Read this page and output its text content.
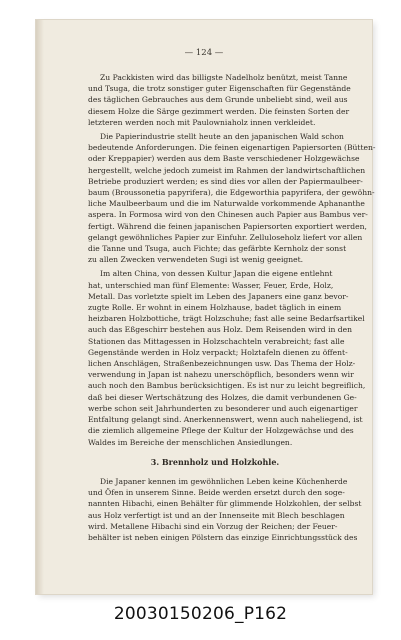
— 124 —
Zu Packkisten wird das billigste Nadelholz benützt, meist Tanne
und Tsuga, die trotz sonstiger guter Eigenschaften für Gegenstände
des täglichen Gebrauches aus dem Grunde unbeliebt sind, weil aus
diesem Holze die Särge gezimmert werden. Die feinsten Sorten der
letzteren werden noch mit Paulowniaholz innen verkleidet.
Die Papierindustrie stellt heute an den japanischen Wald schon
bedeutende Anforderungen. Die feinen eigenartigen Papiersorten (Bütten-
oder Kreppapier) werden aus dem Baste verschiedener Holzgewächse
hergestellt, welche jedoch zumeist im Rahmen der landwirtschaftlichen
Betriebe produziert werden; es sind dies vor allen der Papiermaulbeer-
baum (Broussonetia papyrifera), die Edgeworthia papyrifera, der gewöhn-
liche Maulbeerbaum und die im Naturwalde vorkommende Aphananthe
aspera. In Formosa wird von den Chinesen auch Papier aus Bambus ver-
fertigt. Während die feinen japanischen Papiersorten exportiert werden,
gelangt gewöhnliches Papier zur Einfuhr. Zelluloseholz liefert vor allen
die Tanne und Tsuga, auch Fichte; das gefärbte Kernholz der sonst
zu allen Zwecken verwendeten Sugi ist wenig geeignet.
Im alten China, von dessen Kultur Japan die eigene entlehnt
hat, unterschied man fünf Elemente: Wasser, Feuer, Erde, Holz,
Metall. Das vorletzte spielt im Leben des Japaners eine ganz bevor-
zugte Rolle. Er wohnt in einem Holzhause, badet täglich in einem
heizbaren Holzbottiche, trägt Holzschuhe; fast alle seine Bedarfsartikel
auch das Eßgeschirr bestehen aus Holz. Dem Reisenden wird in den
Stationen das Mittagessen in Holzschachteln verabreicht; fast alle
Gegenstände werden in Holz verpackt; Holztafeln dienen zu öffent-
lichen Anschlägen, Straßenbezeichnungen usw. Das Thema der Holz-
verwendung in Japan ist nahezu unerschöpflich, besonders wenn wir
auch noch den Bambus berücksichtigen. Es ist nur zu leicht begreiflich,
daß bei dieser Wertschätzung des Holzes, die damit verbundenen Ge-
werbe schon seit Jahrhunderten zu besonderer und auch eigenartiger
Entfaltung gelangt sind. Anerkennenswert, wenn auch naheliegend, ist
die ziemlich allgemeine Pflege der Kultur der Holzgewächse und des
Waldes im Bereiche der menschlichen Ansiedlungen.
3. Brennholz und Holzkohle.
Die Japaner kennen im gewöhnlichen Leben keine Küchenherde
und Öfen in unserem Sinne. Beide werden ersetzt durch den soge-
nannten Hibachi, einen Behälter für glimmende Holzkohlen, der selbst
aus Holz verfertigt ist und an der Innenseite mit Blech beschlagen
wird. Metallene Hibachi sind ein Vorzug der Reichen; der Feuer-
behälter ist neben einigen Pölstern das einzige Einrichtungsstück des
20030150206_P162
